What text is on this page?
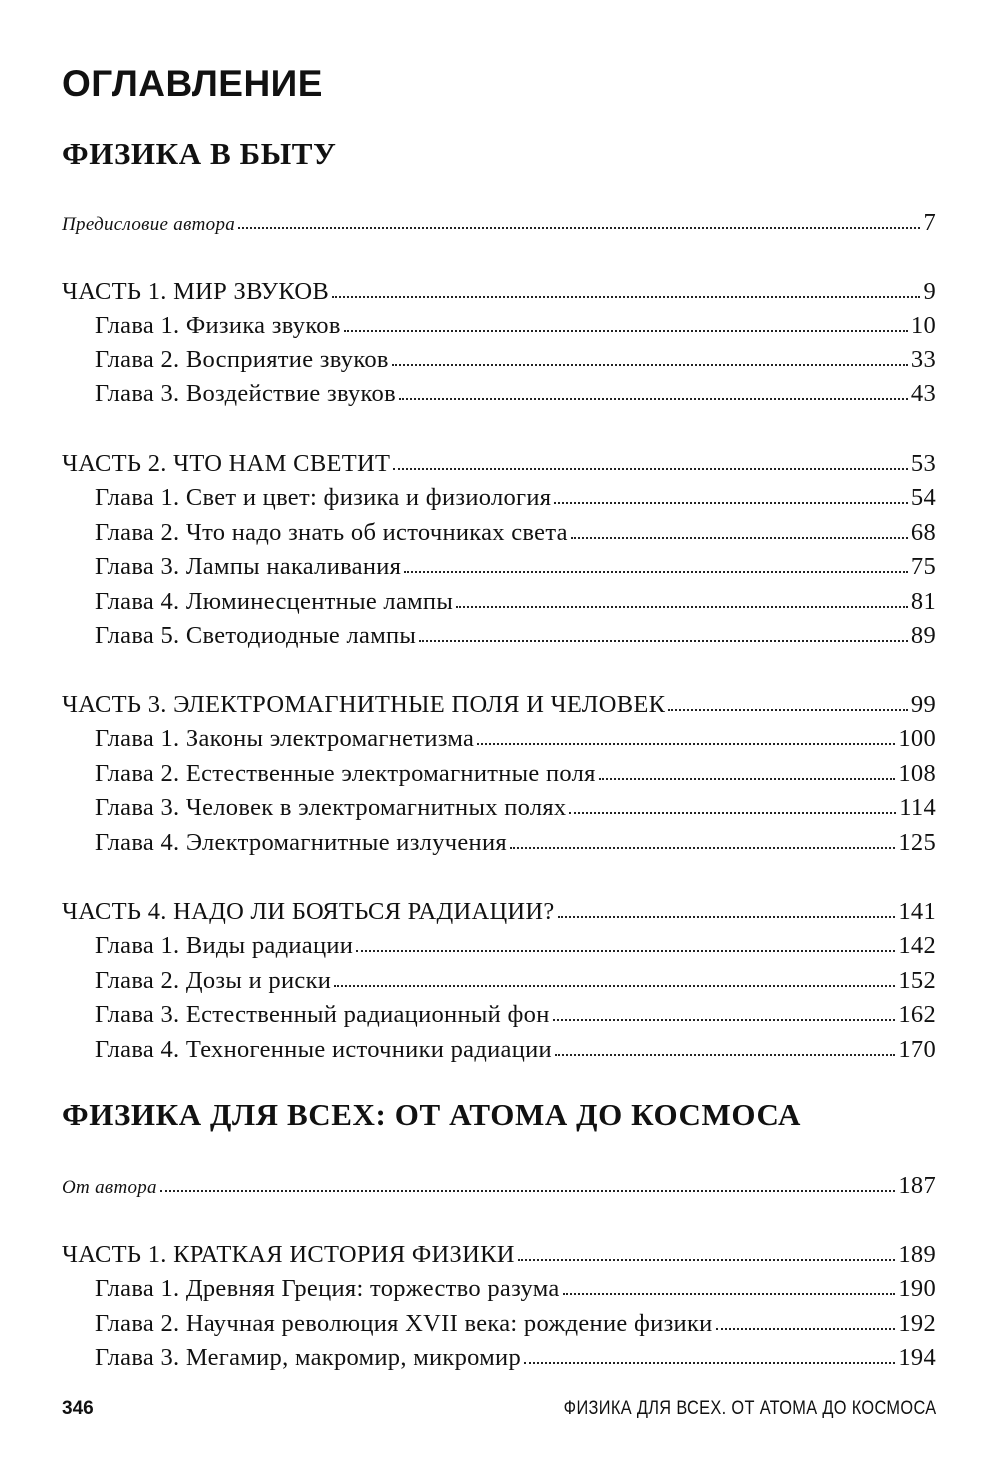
ОГЛАВЛЕНИЕ
ФИЗИКА В БЫТУ
Предисловие автора	7
ЧАСТЬ 1. МИР ЗВУКОВ	9
Глава 1. Физика звуков	10
Глава 2. Восприятие звуков	33
Глава 3. Воздействие звуков	43
ЧАСТЬ 2. ЧТО НАМ СВЕТИТ	53
Глава 1. Свет и цвет: физика и физиология	54
Глава 2. Что надо знать об источниках света	68
Глава 3. Лампы накаливания	75
Глава 4. Люминесцентные лампы	81
Глава 5. Светодиодные лампы	89
ЧАСТЬ 3. ЭЛЕКТРОМАГНИТНЫЕ ПОЛЯ И ЧЕЛОВЕК	99
Глава 1. Законы электромагнетизма	100
Глава 2. Естественные электромагнитные поля	108
Глава 3. Человек в электромагнитных полях	114
Глава 4. Электромагнитные излучения	125
ЧАСТЬ 4. НАДО ЛИ БОЯТЬСЯ РАДИАЦИИ?	141
Глава 1. Виды радиации	142
Глава 2. Дозы и риски	152
Глава 3. Естественный радиационный фон	162
Глава 4. Техногенные источники радиации	170
ФИЗИКА ДЛЯ ВСЕХ: ОТ АТОМА ДО КОСМОСА
От автора	187
ЧАСТЬ 1. КРАТКАЯ ИСТОРИЯ ФИЗИКИ	189
Глава 1. Древняя Греция: торжество разума	190
Глава 2. Научная революция XVII века: рождение физики	192
Глава 3. Мегамир, макромир, микромир	194
346	ФИЗИКА ДЛЯ ВСЕХ. ОТ АТОМА ДО КОСМОСА
